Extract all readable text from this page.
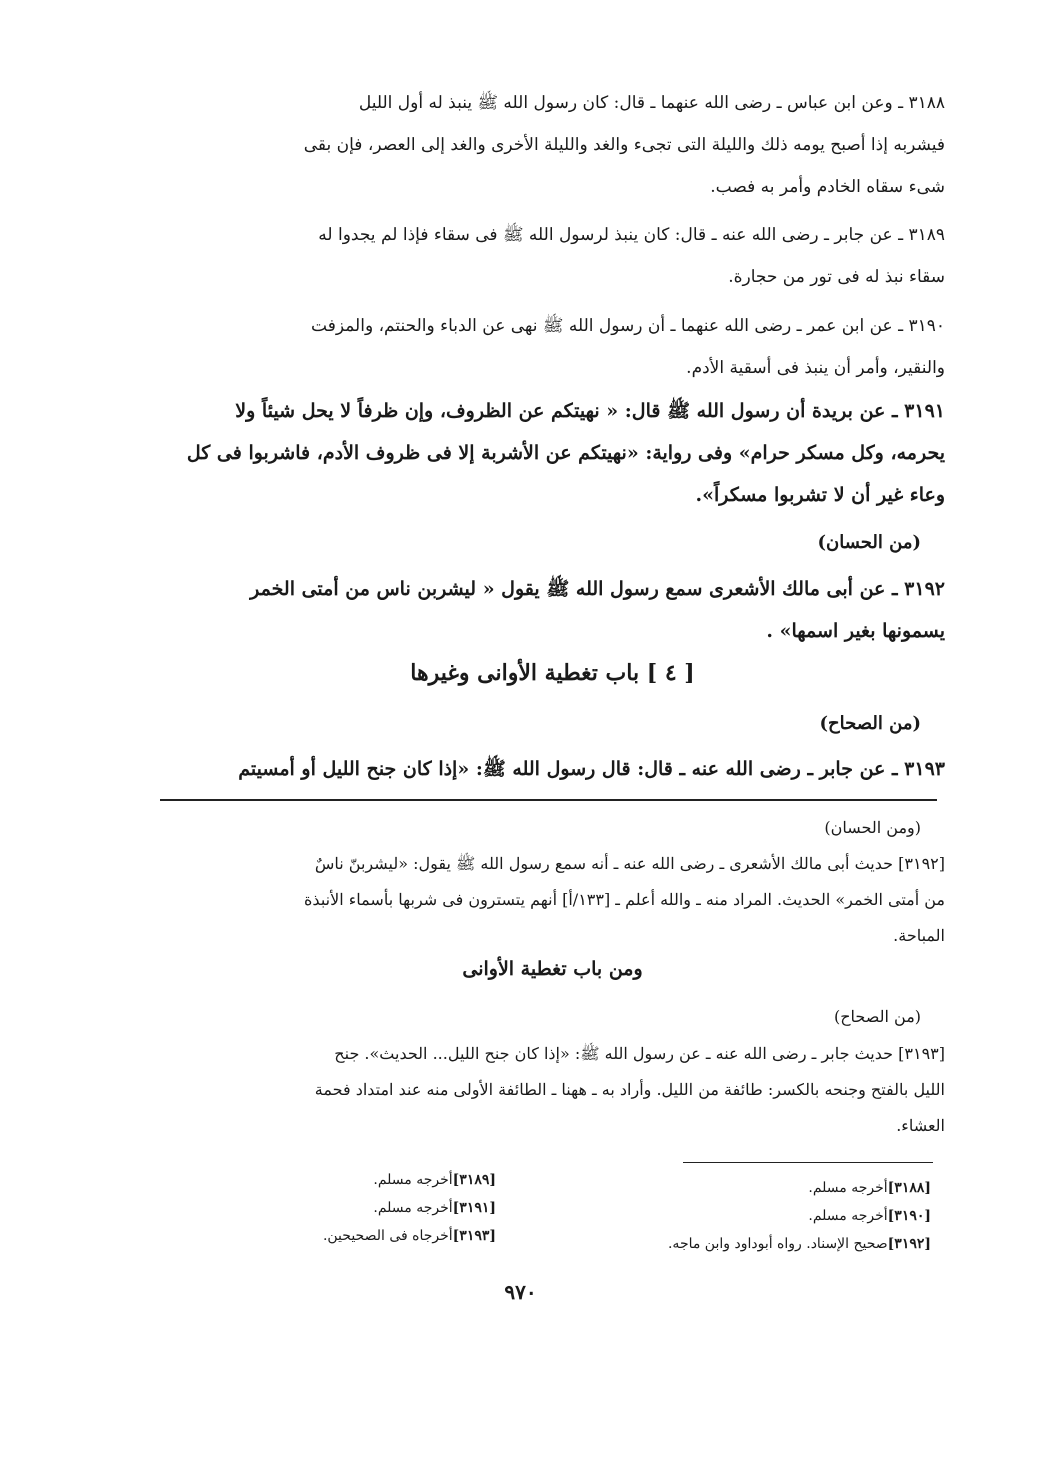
٣١٨٨ ـ وعن ابن عباس ـ رضى الله عنهما ـ قال: كان رسول الله ﷺ ينبذ له أول الليل
فيشربه إذا أصبح يومه ذلك والليلة التى تجىء والغد والليلة الأخرى والغد إلى العصر، فإن بقى
شىء سقاه الخادم وأمر به فصب.
٣١٨٩ ـ عن جابر ـ رضى الله عنه ـ قال: كان ينبذ لرسول الله ﷺ فى سقاء فإذا لم يجدوا له
سقاء نبذ له فى تور من حجارة.
٣١٩٠ ـ عن ابن عمر ـ رضى الله عنهما ـ أن رسول الله ﷺ نهى عن الدباء والحنتم، والمزفت
والنقير، وأمر أن ينبذ فى أسقية الأدم.
٣١٩١ ـ عن بريدة أن رسول الله ﷺ قال: « نهيتكم عن الظروف، وإن ظرفاً لا يحل شيئاً ولا
يحرمه، وكل مسكر حرام» وفى رواية: «نهيتكم عن الأشربة إلا فى ظروف الأدم، فاشربوا فى كل
وعاء غير أن لا تشربوا مسكراً».
(من الحسان)
٣١٩٢ ـ عن أبى مالك الأشعرى سمع رسول الله ﷺ يقول « ليشربن ناس من أمتى الخمر
يسمونها بغير اسمها» .
[ ٤ ] باب تغطية الأوانى وغيرها
(من الصحاح)
٣١٩٣ ـ عن جابر ـ رضى الله عنه ـ قال: قال رسول الله ﷺ: «إذا كان جنح الليل أو أمسيتم
(ومن الحسان)
[٣١٩٢] حديث أبى مالك الأشعرى ـ رضى الله عنه ـ أنه سمع رسول الله ﷺ يقول: «ليشربنّ ناسٌ
من أمتى الخمر» الحديث. المراد منه ـ والله أعلم ـ [١٣٣/أ] أنهم يتسترون فى شربها بأسماء الأنبذة
المباحة.
ومن باب تغطية الأوانى
(من الصحاح)
[٣١٩٣] حديث جابر ـ رضى الله عنه ـ عن رسول الله ﷺ: «إذا كان جنح الليل... الحديث». جنح
الليل بالفتح وجنحه بالكسر: طائفة من الليل. وأراد به ـ ههنا ـ الطائفة الأولى منه عند امتداد فحمة
العشاء.
[٣١٨٨]أخرجه مسلم.
[٣١٩٠]أخرجه مسلم.
[٣١٩٢]صحيح الإسناد. رواه أبوداود وابن ماجه.
[٣١٨٩]أخرجه مسلم.
[٣١٩١]أخرجه مسلم.
[٣١٩٣]أخرجاه فى الصحيحين.
٩٧٠
